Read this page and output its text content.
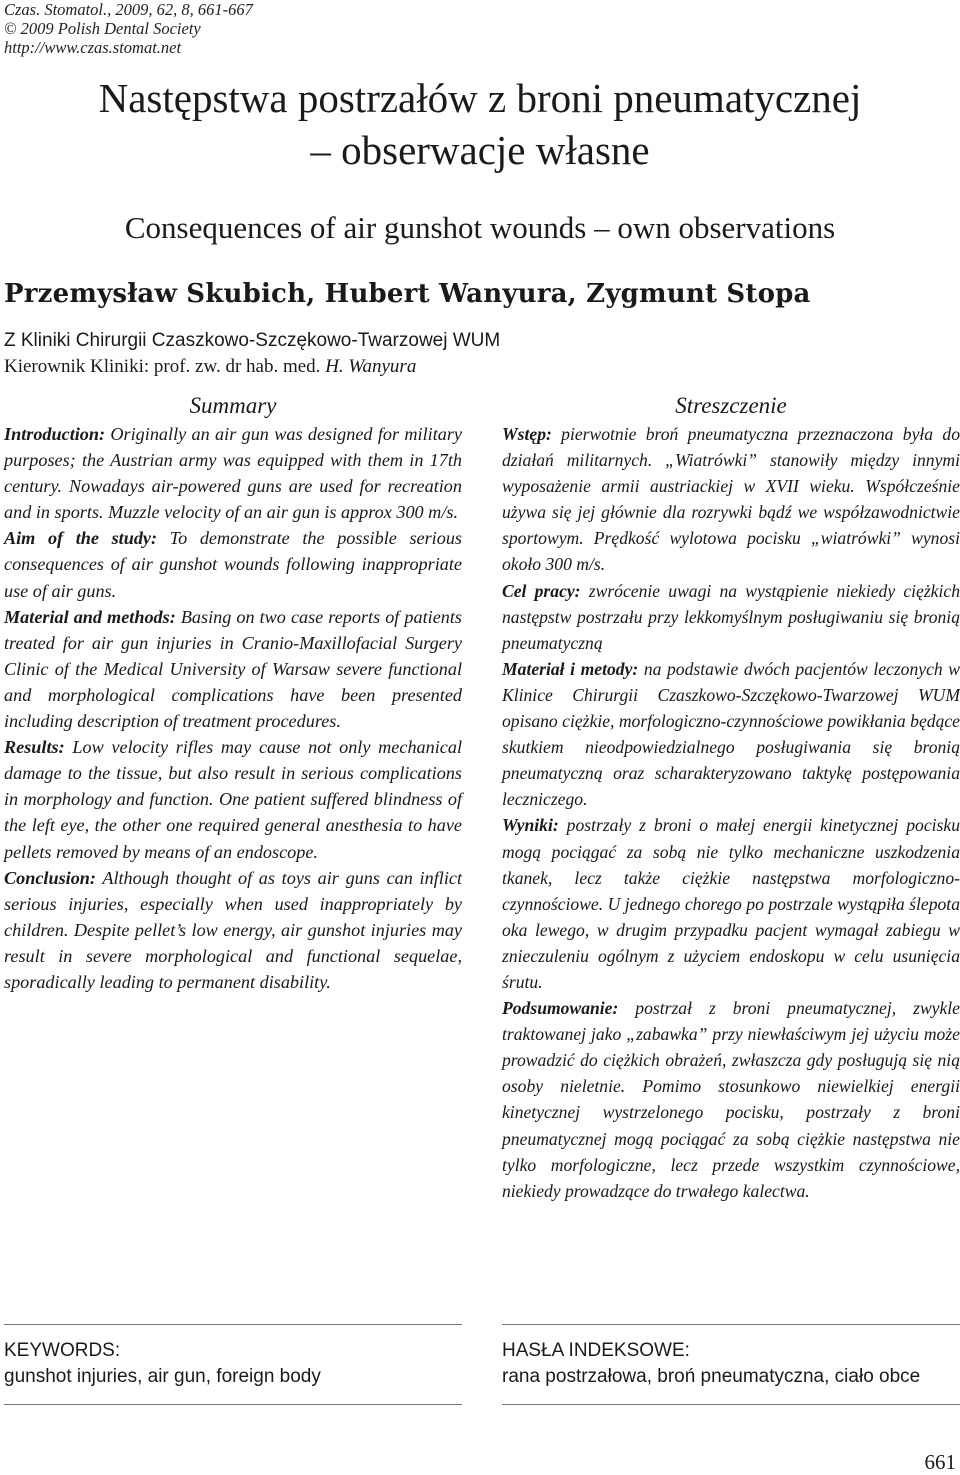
Czas. Stomatol., 2009, 62, 8, 661-667
© 2009 Polish Dental Society
http://www.czas.stomat.net
Następstwa postrzałów z broni pneumatycznej
– obserwacje własne
Consequences of air gunshot wounds – own observations
Przemysław Skubich, Hubert Wanyura, Zygmunt Stopa
Z Kliniki Chirurgii Czaszkowo-Szczękowo-Twarzowej WUM
Kierownik Kliniki: prof. zw. dr hab. med. H. Wanyura
Summary

Introduction: Originally an air gun was designed for military purposes; the Austrian army was equipped with them in 17th century. Nowadays air-powered guns are used for recreation and in sports. Muzzle velocity of an air gun is approx 300 m/s.

Aim of the study: To demonstrate the possible serious consequences of air gunshot wounds following inappropriate use of air guns.

Material and methods: Basing on two case reports of patients treated for air gun injuries in Cranio-Maxillofacial Surgery Clinic of the Medical University of Warsaw severe functional and morphological complications have been presented including description of treatment procedures.

Results: Low velocity rifles may cause not only mechanical damage to the tissue, but also result in serious complications in morphology and function. One patient suffered blindness of the left eye, the other one required general anesthesia to have pellets removed by means of an endoscope.

Conclusion: Although thought of as toys air guns can inflict serious injuries, especially when used inappropriately by children. Despite pellet’s low energy, air gunshot injuries may result in severe morphological and functional sequelae, sporadically leading to permanent disability.

Streszczenie

Wstęp: pierwotnie broń pneumatyczna przeznaczona była do działań militarnych. „Wiatrówki” stanowiły między innymi wyposażenie armii austriackiej w XVII wieku. Współcześnie używa się jej głównie dla rozrywki bądź we współzawodnictwie sportowym. Prędkość wylotowa pocisku „wiatrówki” wynosi około 300 m/s.

Cel pracy: zwrócenie uwagi na wystąpienie niekiedy ciężkich następstw postrzału przy lekkomyślnym posługiwaniu się bronią pneumatyczną

Materiał i metody: na podstawie dwóch pacjentów leczonych w Klinice Chirurgii Czaszkowo-Szczękowo-Twarzowej WUM opisano ciężkie, morfologiczno-czynnościowe powikłania będące skutkiem nieodpowiedzialnego posługiwania się bronią pneumatyczną oraz scharakteryzowano taktykę postępowania leczniczego.

Wyniki: postrzały z broni o małej energii kinetycznej pocisku mogą pociągać za sobą nie tylko mechaniczne uszkodzenia tkanek, lecz także ciężkie następstwa morfologiczno-czynnościowe. U jednego chorego po postrzale wystąpiła ślepota oka lewego, w drugim przypadku pacjent wymagał zabiegu w znieczuleniu ogólnym z użyciem endoskopu w celu usunięcia śrutu.

Podsumowanie: postrzał z broni pneumatycznej, zwykle traktowanej jako „zabawka” przy niewłaściwym jej użyciu może prowadzić do ciężkich obrażeń, zwłaszcza gdy posługują się nią osoby nieletnie. Pomimo stosunkowo niewielkiej energii kinetycznej wystrzelonego pocisku, postrzały z broni pneumatycznej mogą pociągać za sobą ciężkie następstwa nie tylko morfologiczne, lecz przede wszystkim czynnościowe, niekiedy prowadzące do trwałego kalectwa.

KEYWORDS:
gunshot injuries, air gun, foreign body
HASŁA INDEKSOWE:
rana postrzałowa, broń pneumatyczna, ciało obce
661
